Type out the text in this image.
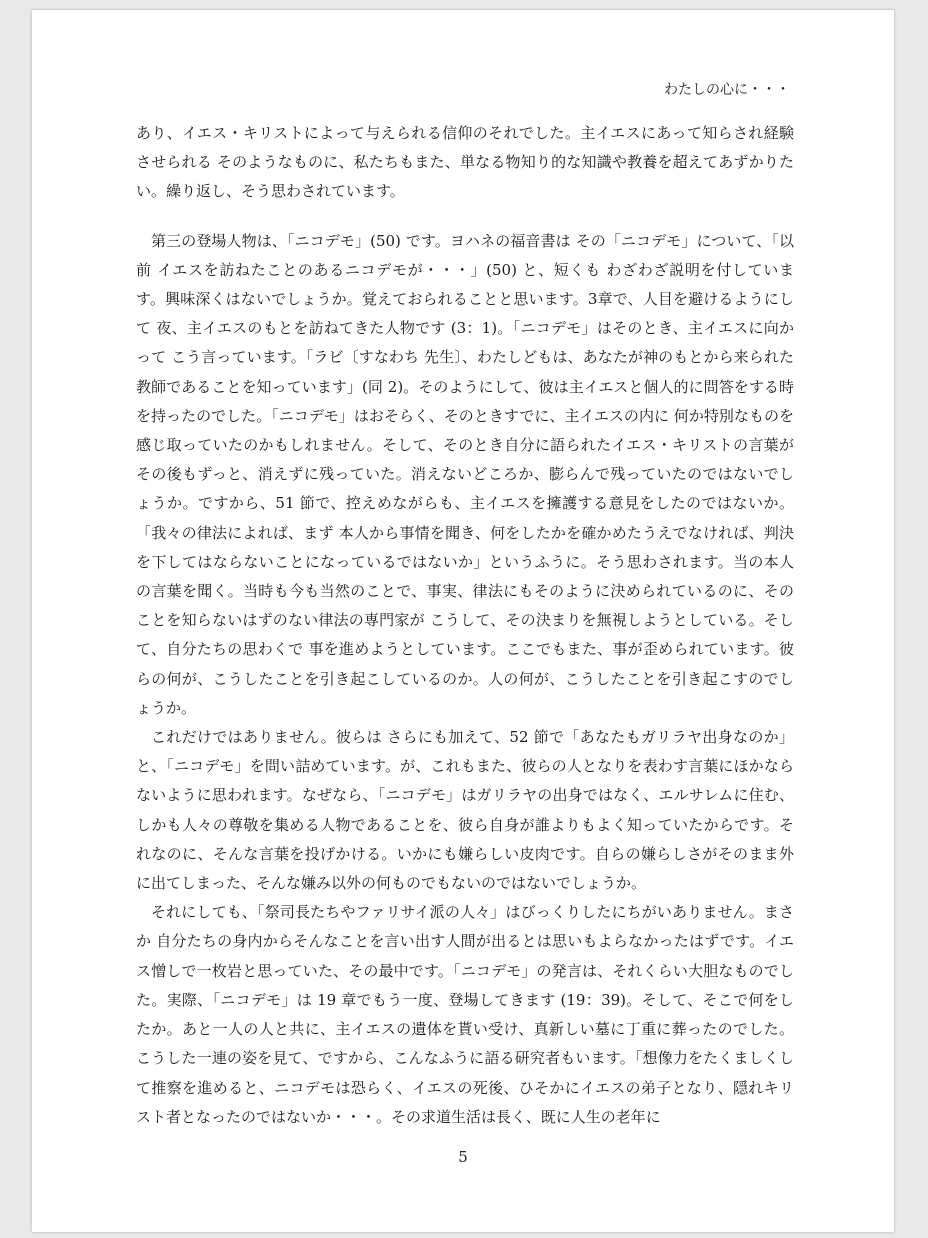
わたしの心に・・・

あり、イエス・キリストによって与えられる信仰のそれでした。主イエスにあって知らされ経験させられる そのようなものに、私たちもまた、単なる物知り的な知識や教養を超えてあずかりたい。繰り返し、そう思わされています。

第三の登場人物は、「ニコデモ」(50) です。ヨハネの福音書は その「ニコデモ」について、「以前 イエスを訪ねたことのあるニコデモが・・・」(50) と、短くも わざわざ説明を付しています。興味深くはないでしょうか。覚えておられることと思います。3章で、人目を避けるようにして 夜、主イエスのもとを訪ねてきた人物です (3：1)。「ニコデモ」はそのとき、主イエスに向かって こう言っています。「ラビ〔すなわち 先生〕、わたしどもは、あなたが神のもとから来られた教師であることを知っています」(同 2)。そのようにして、彼は主イエスと個人的に問答をする時を持ったのでした。「ニコデモ」はおそらく、そのときすでに、主イエスの内に 何か特別なものを感じ取っていたのかもしれません。そして、そのとき自分に語られたイエス・キリストの言葉が その後もずっと、消えずに残っていた。消えないどころか、膨らんで残っていたのではないでしょうか。ですから、51 節で、控えめながらも、主イエスを擁護する意見をしたのではないか。「我々の律法によれば、まず 本人から事情を聞き、何をしたかを確かめたうえでなければ、判決を下してはならないことになっているではないか」というふうに。そう思わされます。当の本人の言葉を聞く。当時も今も当然のことで、事実、律法にもそのように決められているのに、そのことを知らないはずのない律法の専門家が こうして、その決まりを無視しようとしている。そして、自分たちの思わくで 事を進めようとしています。ここでもまた、事が歪められています。彼らの何が、こうしたことを引き起こしているのか。人の何が、こうしたことを引き起こすのでしょうか。

これだけではありません。彼らは さらにも加えて、52 節で「あなたもガリラヤ出身なのか」と、「ニコデモ」を問い詰めています。が、これもまた、彼らの人となりを表わす言葉にほかならないように思われます。なぜなら、「ニコデモ」はガリラヤの出身ではなく、エルサレムに住む、しかも人々の尊敬を集める人物であることを、彼ら自身が誰よりもよく知っていたからです。それなのに、そんな言葉を投げかける。いかにも嫌らしい皮肉です。自らの嫌らしさがそのまま外に出てしまった、そんな嫌み以外の何ものでもないのではないでしょうか。

それにしても、「祭司長たちやファリサイ派の人々」はびっくりしたにちがいありません。まさか 自分たちの身内からそんなことを言い出す人間が出るとは思いもよらなかったはずです。イエス憎しで一枚岩と思っていた、その最中です。「ニコデモ」の発言は、それくらい大胆なものでした。実際、「ニコデモ」は 19 章でもう一度、登場してきます (19：39)。そして、そこで何をしたか。あと一人の人と共に、主イエスの遺体を貰い受け、真新しい墓に丁重に葬ったのでした。こうした一連の姿を見て、ですから、こんなふうに語る研究者もいます。「想像力をたくましくして推察を進めると、ニコデモは恐らく、イエスの死後、ひそかにイエスの弟子となり、隠れキリスト者となったのではないか・・・。その求道生活は長く、既に人生の老年に

5
